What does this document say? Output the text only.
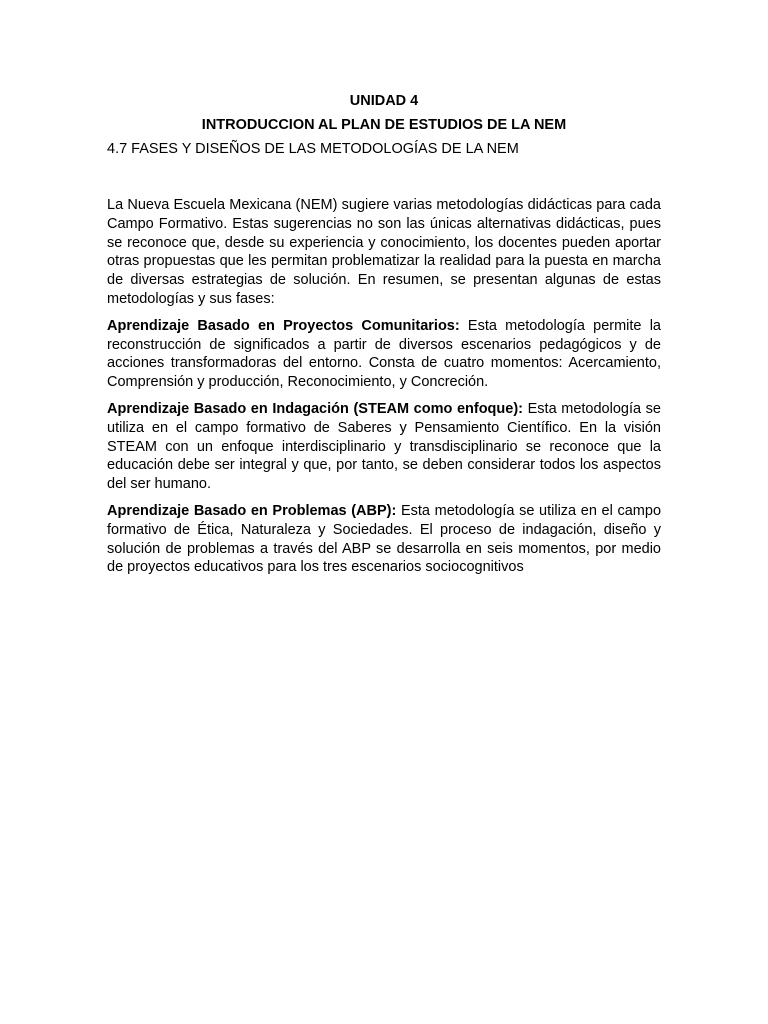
UNIDAD 4
INTRODUCCION AL PLAN DE ESTUDIOS DE LA NEM
4.7 FASES Y DISEÑOS DE LAS METODOLOGÍAS DE LA NEM

La Nueva Escuela Mexicana (NEM) sugiere varias metodologías didácticas para cada Campo Formativo. Estas sugerencias no son las únicas alternativas didácticas, pues se reconoce que, desde su experiencia y conocimiento, los docentes pueden aportar otras propuestas que les permitan problematizar la realidad para la puesta en marcha de diversas estrategias de solución. En resumen, se presentan algunas de estas metodologías y sus fases:

Aprendizaje Basado en Proyectos Comunitarios: Esta metodología permite la reconstrucción de significados a partir de diversos escenarios pedagógicos y de acciones transformadoras del entorno. Consta de cuatro momentos: Acercamiento, Comprensión y producción, Reconocimiento, y Concreción.

Aprendizaje Basado en Indagación (STEAM como enfoque): Esta metodología se utiliza en el campo formativo de Saberes y Pensamiento Científico. En la visión STEAM con un enfoque interdisciplinario y transdisciplinario se reconoce que la educación debe ser integral y que, por tanto, se deben considerar todos los aspectos del ser humano.

Aprendizaje Basado en Problemas (ABP): Esta metodología se utiliza en el campo formativo de Ética, Naturaleza y Sociedades. El proceso de indagación, diseño y solución de problemas a través del ABP se desarrolla en seis momentos, por medio de proyectos educativos para los tres escenarios sociocognitivos
